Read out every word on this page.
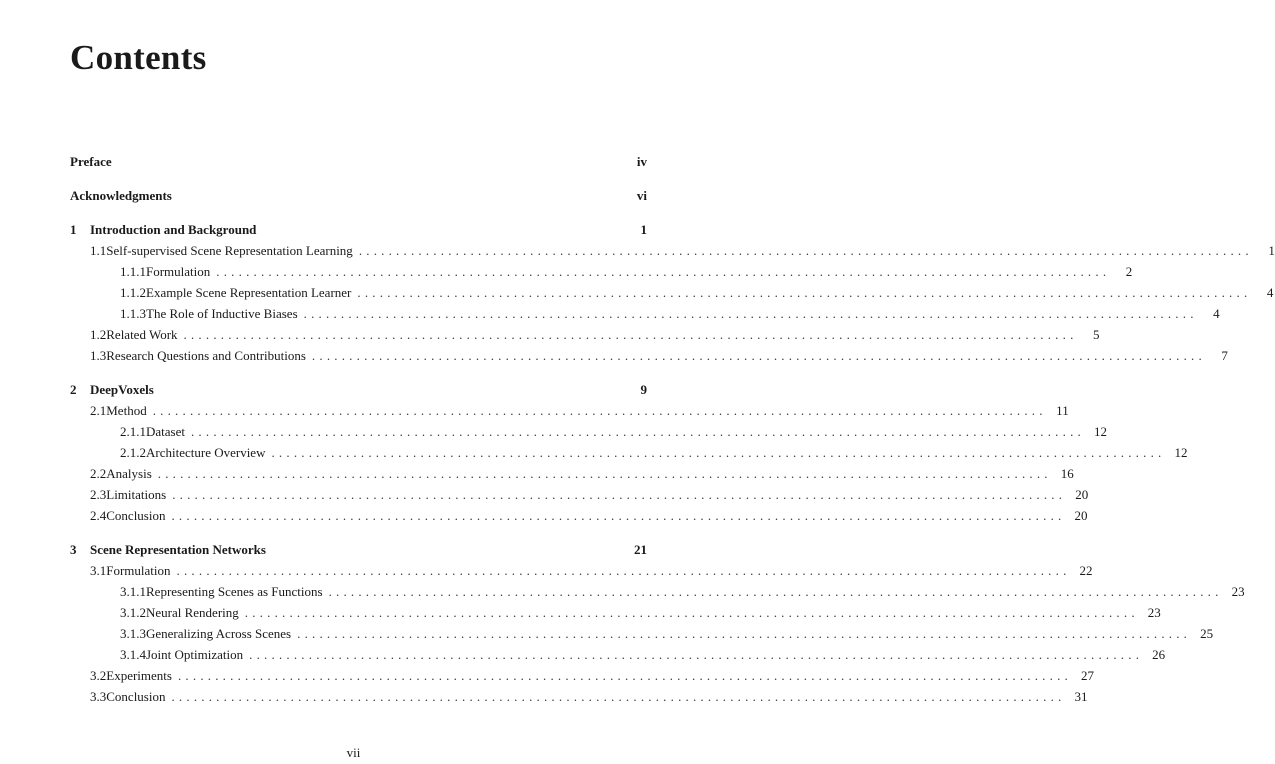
Contents
Preface	iv
Acknowledgments	vi
1	Introduction and Background	1
1.1 Self-supervised Scene Representation Learning ........................................................................................................................	1
1.1.1 Formulation ........................................................................................................................	2
1.1.2 Example Scene Representation Learner ........................................................................................................................	4
1.1.3 The Role of Inductive Biases ........................................................................................................................	4
1.2 Related Work ........................................................................................................................	5
1.3 Research Questions and Contributions ........................................................................................................................	7
2	DeepVoxels	9
2.1 Method ........................................................................................................................ 11
2.1.1 Dataset ........................................................................................................................ 12
2.1.2 Architecture Overview ........................................................................................................................ 12
2.2 Analysis ........................................................................................................................ 16
2.3 Limitations ........................................................................................................................ 20
2.4 Conclusion ........................................................................................................................ 20
3	Scene Representation Networks	21
3.1 Formulation ........................................................................................................................ 22
3.1.1 Representing Scenes as Functions ........................................................................................................................ 23
3.1.2 Neural Rendering ........................................................................................................................ 23
3.1.3 Generalizing Across Scenes ........................................................................................................................ 25
3.1.4 Joint Optimization ........................................................................................................................ 26
3.2 Experiments ........................................................................................................................ 27
3.3 Conclusion ........................................................................................................................ 31
vii
